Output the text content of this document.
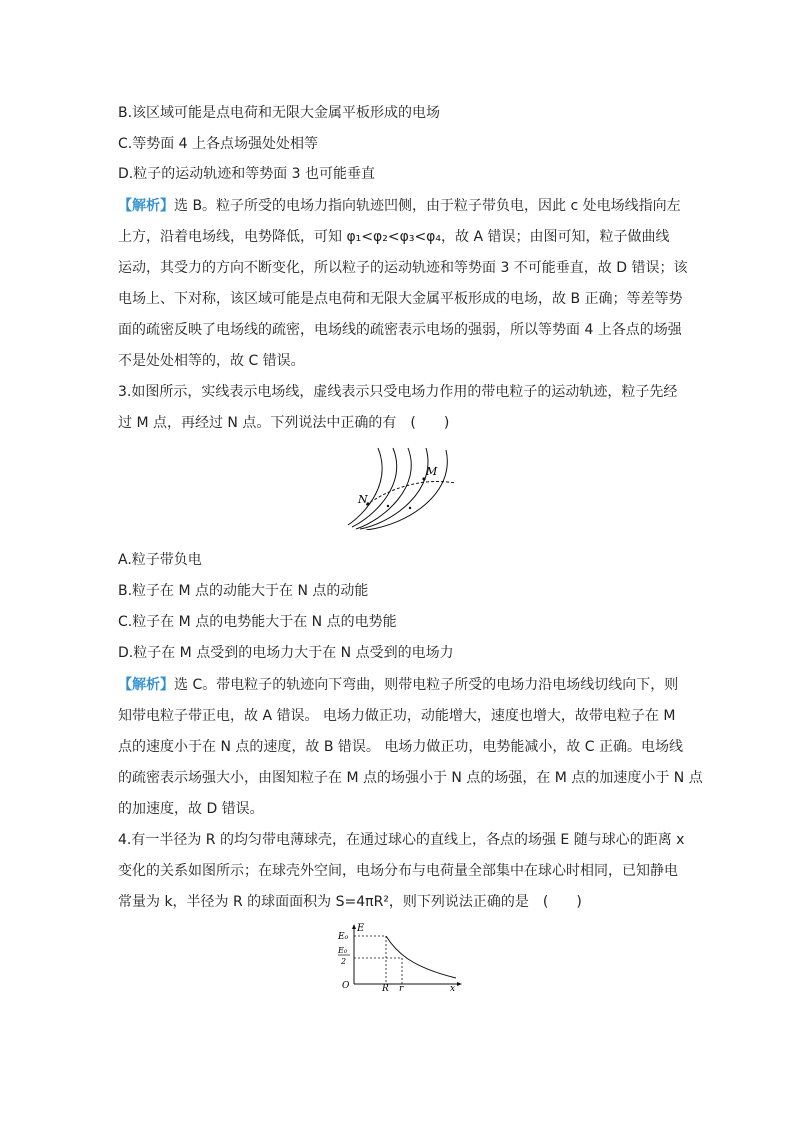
B.该区域可能是点电荷和无限大金属平板形成的电场
C.等势面 4 上各点场强处处相等
D.粒子的运动轨迹和等势面 3 也可能垂直
【解析】选 B。粒子所受的电场力指向轨迹凹侧，由于粒子带负电，因此 c 处电场线指向左
上方，沿着电场线，电势降低，可知 φ₁<φ₂<φ₃<φ₄，故 A 错误；由图可知，粒子做曲线
运动，其受力的方向不断变化，所以粒子的运动轨迹和等势面 3 不可能垂直，故 D 错误；该
电场上、下对称，该区域可能是点电荷和无限大金属平板形成的电场，故 B 正确；等差等势
面的疏密反映了电场线的疏密，电场线的疏密表示电场的强弱，所以等势面 4 上各点的场强
不是处处相等的，故 C 错误。
3.如图所示，实线表示电场线，虚线表示只受电场力作用的带电粒子的运动轨迹，粒子先经
过 M 点，再经过 N 点。下列说法中正确的有　(　　)
M
N
A.粒子带负电
B.粒子在 M 点的动能大于在 N 点的动能
C.粒子在 M 点的电势能大于在 N 点的电势能
D.粒子在 M 点受到的电场力大于在 N 点受到的电场力
【解析】选 C。带电粒子的轨迹向下弯曲，则带电粒子所受的电场力沿电场线切线向下，则
知带电粒子带正电，故 A 错误。 电场力做正功，动能增大，速度也增大，故带电粒子在 M
点的速度小于在 N 点的速度，故 B 错误。 电场力做正功，电势能减小，故 C 正确。电场线
的疏密表示场强大小，由图知粒子在 M 点的场强小于 N 点的场强，在 M 点的加速度小于 N 点
的加速度，故 D 错误。
4.有一半径为 R 的均匀带电薄球壳，在通过球心的直线上，各点的场强 E 随与球心的距离 x
变化的关系如图所示；在球壳外空间，电场分布与电荷量全部集中在球心时相同，已知静电
常量为 k，半径为 R 的球面面积为 S=4πR²，则下列说法正确的是　(　　)
E
E₀
E₀
2
O	R r	x
